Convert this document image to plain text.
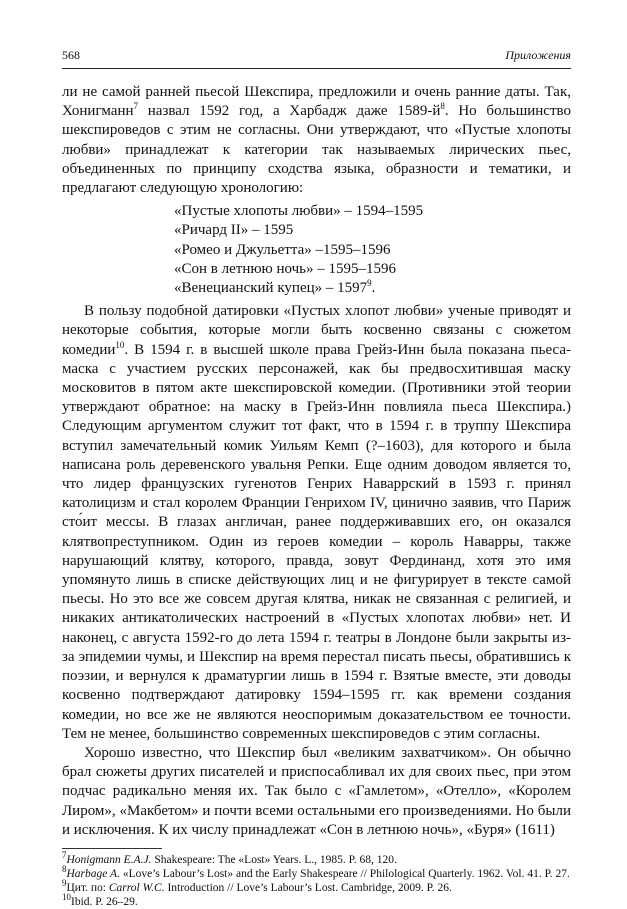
568	Приложения

ли не самой ранней пьесой Шекспира, предложили и очень ранние даты. Так, Хонигманн$^7$ назвал 1592 год, а Харбадж даже $1589-й^8$. Но большинство шекспироведов с этим не согласны. Они утверждают, что «Пустые хлопоты любви» принадлежат к категории так называемых лирических пьес, объединенных по принципу сходства языка, образности и тематики, и предлагают следующую хронологию:

«Пустые хлопоты любви» – 1594–1595
«Ричард II» – 1595
«Ромео и Джульетта» –1595–1596
«Сон в летнюю ночь» – 1595–1596
«Венецианский купец» – 1597$^9$.

В пользу подобной датировки «Пустых хлопот любви» ученые приводят и некоторые события, которые могли быть косвенно связаны с сюжетом комедии$^{10}$. В 1594 г. в высшей школе права Грейз-Инн была показана пьеса-маска с участием русских персонажей, как бы предвосхитившая маску московитов в пятом акте шекспировской комедии. (Противники этой теории утверждают обратное: на маску в Грейз-Инн повлияла пьеса Шекспира.) Следующим аргументом служит тот факт, что в 1594 г. в труппу Шекспира вступил замечательный комик Уильям Кемп (?–1603), для которого и была написана роль деревенского увальня Репки. Еще одним доводом является то, что лидер французских гугенотов Генрих Наваррский в 1593 г. принял католицизм и стал королем Франции Генрихом IV, цинично заявив, что Париж сто́ит мессы. В глазах англичан, ранее поддерживавших его, он оказался клятвопреступником. Один из героев комедии – король Наварры, также нарушающий клятву, которого, правда, зовут Фердинанд, хотя это имя упомянуто лишь в списке действующих лиц и не фигурирует в тексте самой пьесы. Но это все же совсем другая клятва, никак не связанная с религией, и никаких антикатолических настроений в «Пустых хлопотах любви» нет. И наконец, с августа 1592-го до лета 1594 г. театры в Лондоне были закрыты из-за эпидемии чумы, и Шекспир на время перестал писать пьесы, обратившись к поэзии, и вернулся к драматургии лишь в 1594 г. Взятые вместе, эти доводы косвенно подтверждают датировку 1594–1595 гг. как времени создания комедии, но все же не являются неоспоримым доказательством ее точности. Тем не менее, большинство современных шекспироведов с этим согласны.

Хорошо известно, что Шекспир был «великим захватчиком». Он обычно брал сюжеты других писателей и приспосабливал их для своих пьес, при этом подчас радикально меняя их. Так было с «Гамлетом», «Отелло», «Королем Лиром», «Макбетом» и почти всеми остальными его произведениями. Но были и исключения. К их числу принадлежат «Сон в летнюю ночь», «Буря» (1611)

$^7$Honigmann E.A.J. Shakespeare: The «Lost» Years. L., 1985. P. 68, 120.
$^8$Harbage A. «Love’s Labour’s Lost» and the Early Shakespeare // Philological Quarterly. 1962. Vol. 41. P. 27.
$^9$Цит. по: Carrol W.C. Introduction // Love’s Labour’s Lost. Cambridge, 2009. P. 26.
$^{10}$Ibid. P. 26–29.
